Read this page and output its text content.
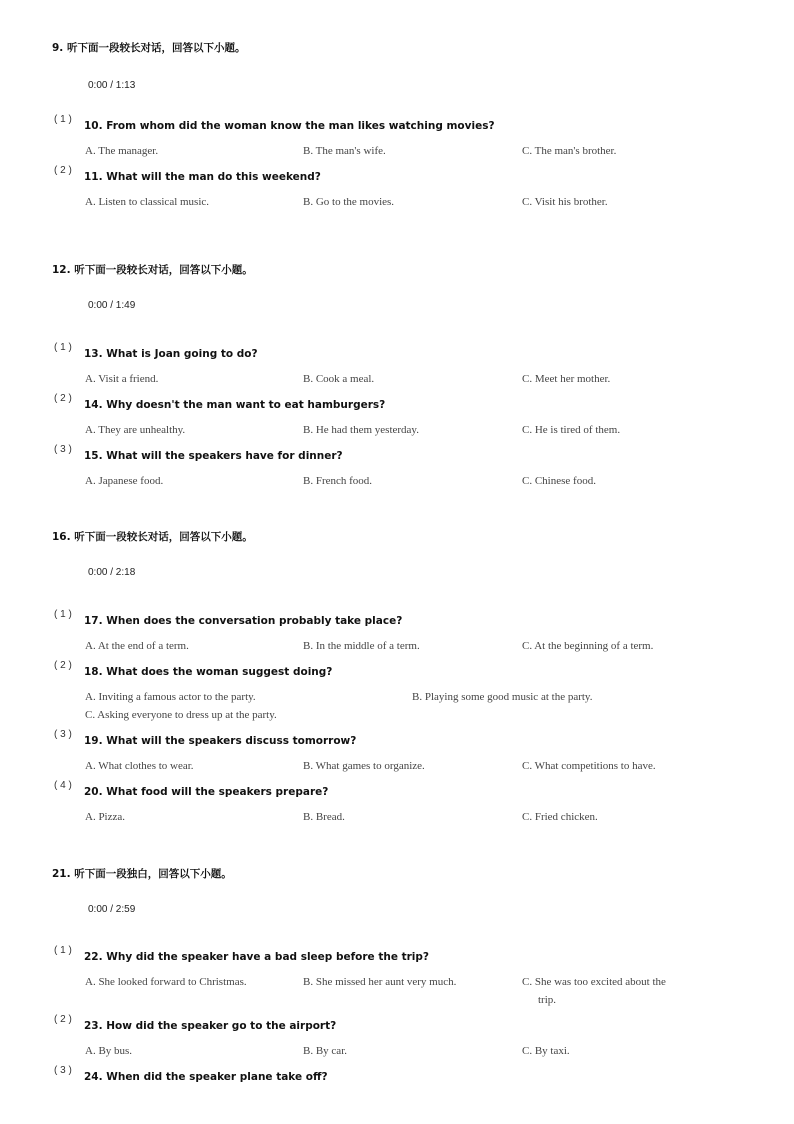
9. 听下面一段较长对话，回答以下小题。
0:00 / 1:13
( 1 )
10. From whom did the woman know the man likes watching movies?
A. The manager.	B. The man's wife.	C. The man's brother.
( 2 )
11. What will the man do this weekend?
A. Listen to classical music.	B. Go to the movies.	C. Visit his brother.
12. 听下面一段较长对话，回答以下小题。
0:00 / 1:49
( 1 )
13. What is Joan going to do?
A. Visit a friend.	B. Cook a meal.	C. Meet her mother.
( 2 )
14. Why doesn't the man want to eat hamburgers?
A. They are unhealthy.	B. He had them yesterday.	C. He is tired of them.
( 3 )
15. What will the speakers have for dinner?
A. Japanese food.	B. French food.	C. Chinese food.
16. 听下面一段较长对话，回答以下小题。
0:00 / 2:18
( 1 )
17. When does the conversation probably take place?
A. At the end of a term.	B. In the middle of a term.	C. At the beginning of a term.
( 2 )
18. What does the woman suggest doing?
A. Inviting a famous actor to the party.	B. Playing some good music at the party.
C. Asking everyone to dress up at the party.
( 3 )
19. What will the speakers discuss tomorrow?
A. What clothes to wear.	B. What games to organize.	C. What competitions to have.
( 4 )
20. What food will the speakers prepare?
A. Pizza.	B. Bread.	C. Fried chicken.
21. 听下面一段独白，回答以下小题。
0:00 / 2:59
( 1 )
22. Why did the speaker have a bad sleep before the trip?
A. She looked forward to Christmas.	B. She missed her aunt very much.	C. She was too excited about the
trip.
( 2 )
23. How did the speaker go to the airport?
A. By bus.	B. By car.	C. By taxi.
( 3 )
24. When did the speaker plane take off?
